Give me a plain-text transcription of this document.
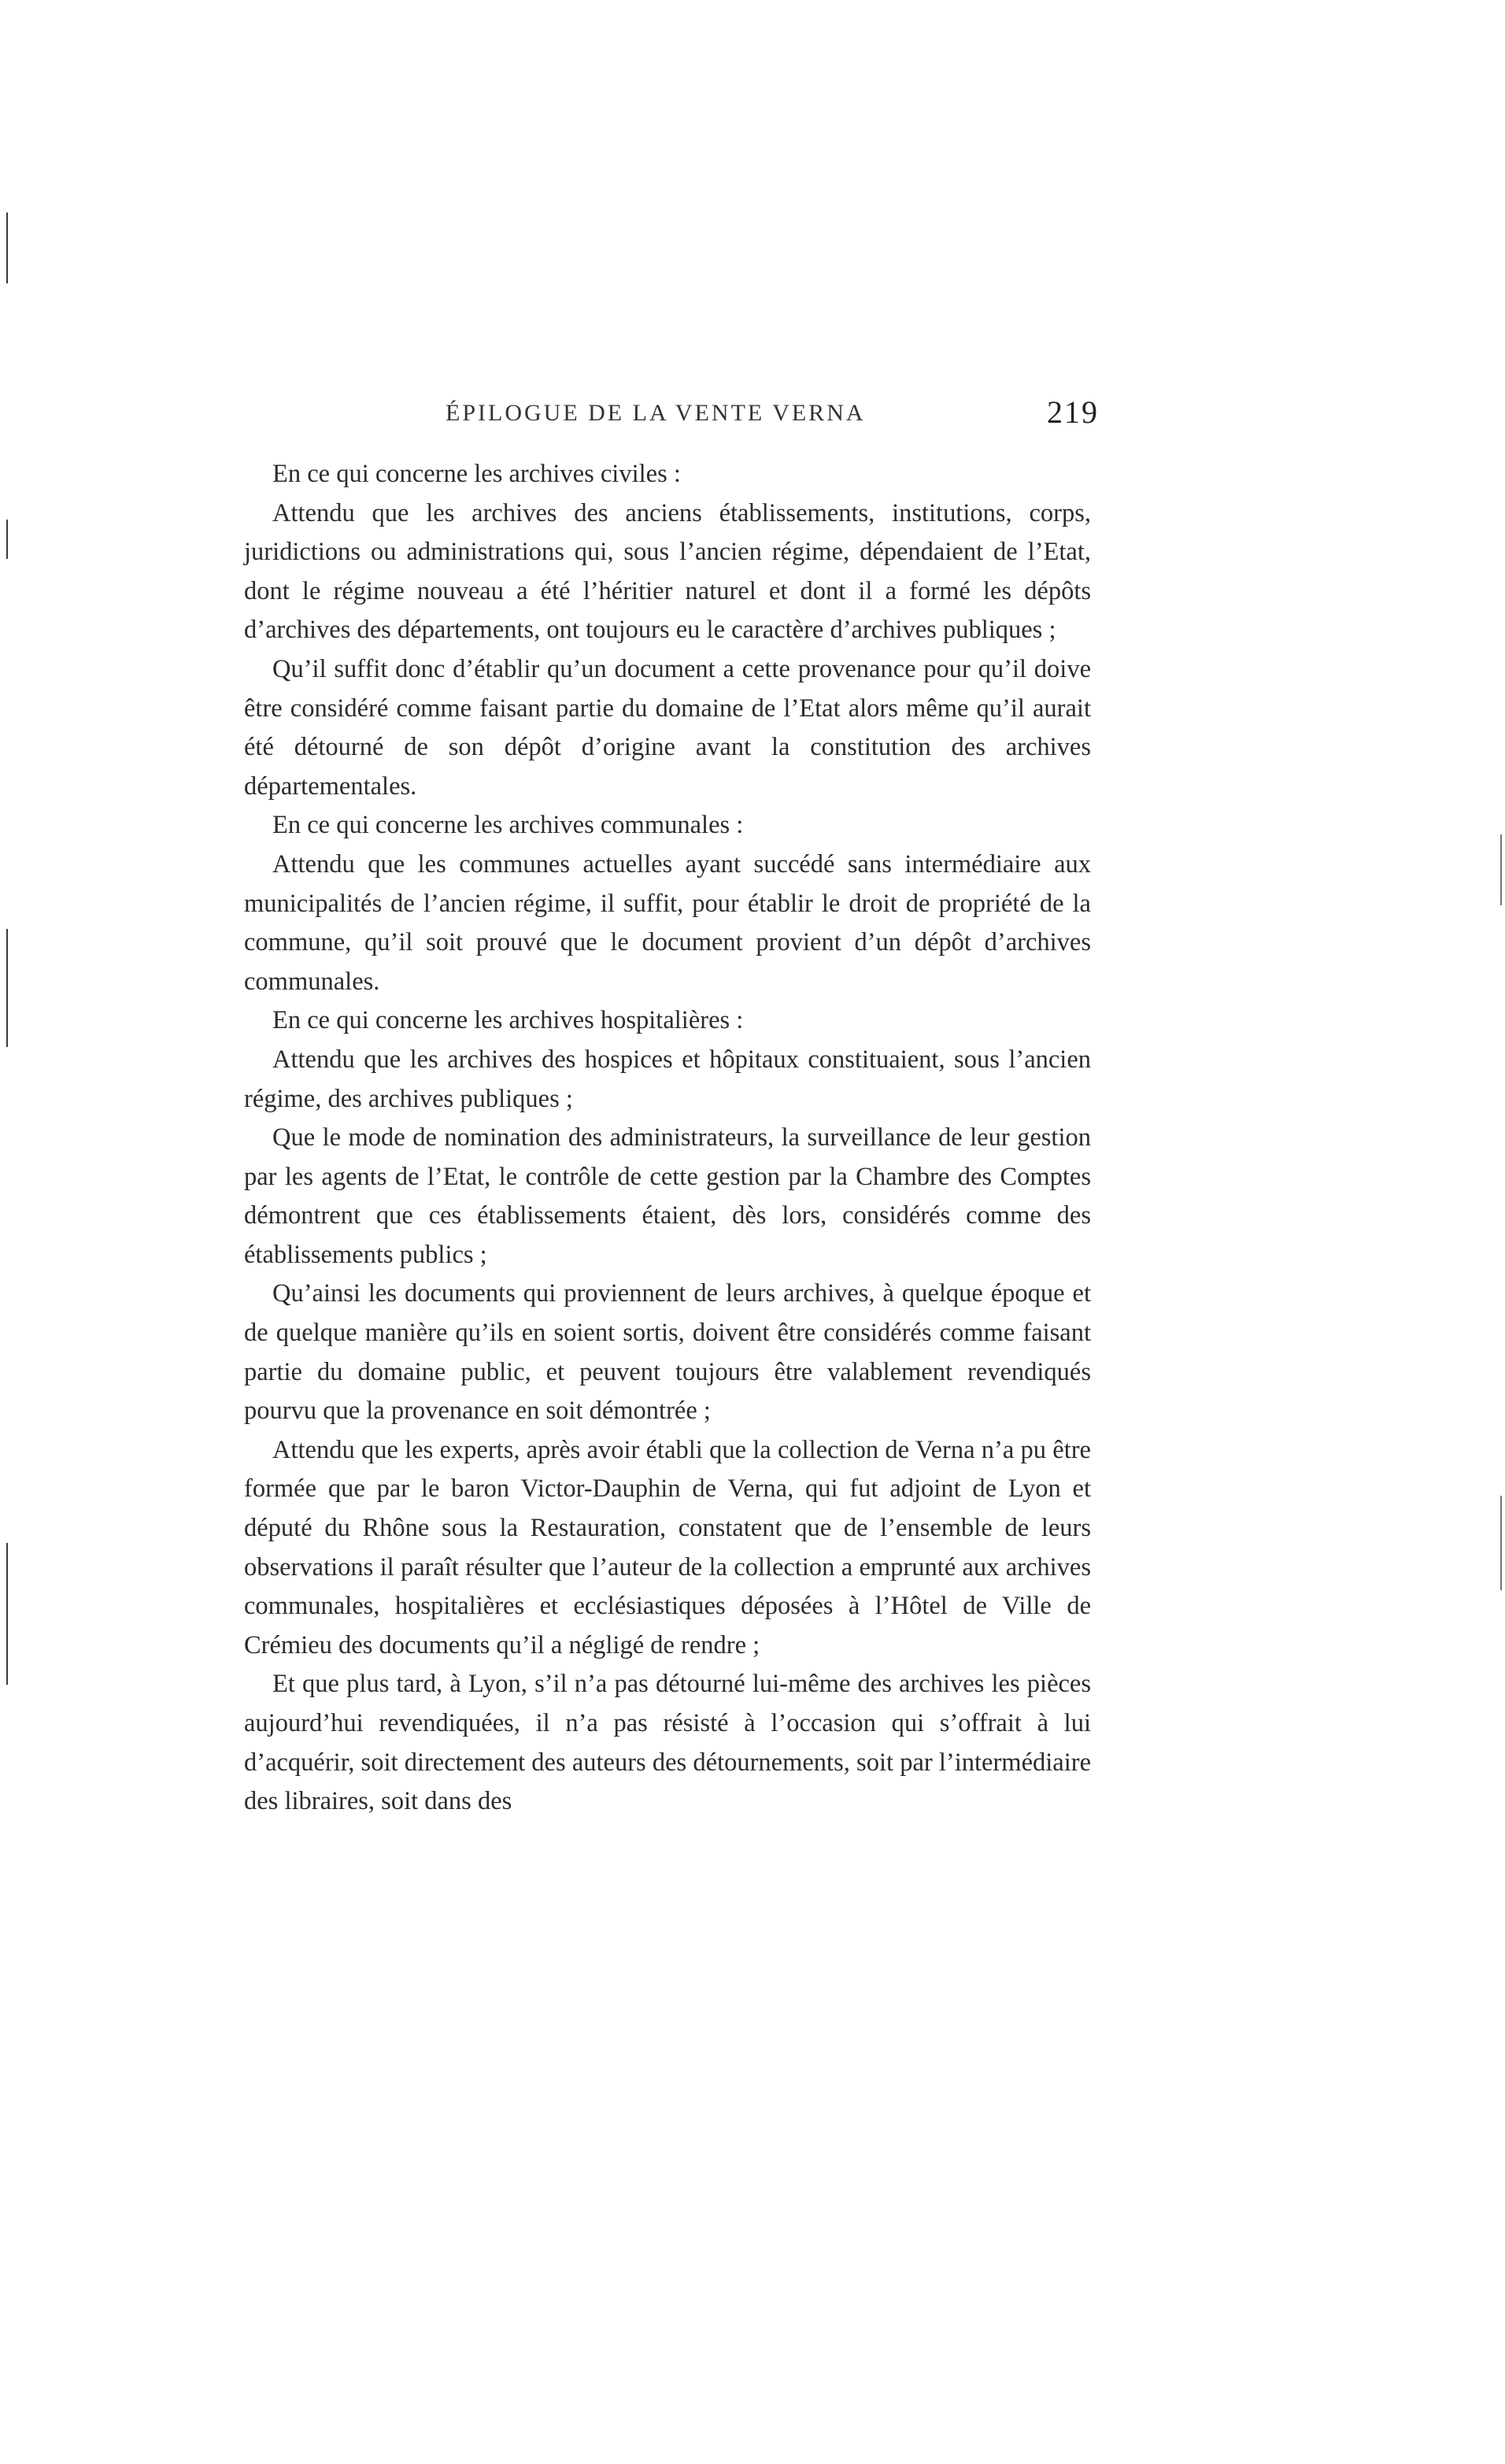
ÉPILOGUE DE LA VENTE VERNA	219

En ce qui concerne les archives civiles :

Attendu que les archives des anciens établissements, institutions, corps, juridictions ou administrations qui, sous l’ancien régime, dépendaient de l’Etat, dont le régime nouveau a été l’héritier naturel et dont il a formé les dépôts d’archives des départements, ont toujours eu le caractère d’archives publiques ;

Qu’il suffit donc d’établir qu’un document a cette provenance pour qu’il doive être considéré comme faisant partie du domaine de l’Etat alors même qu’il aurait été détourné de son dépôt d’origine avant la constitution des archives départementales.

En ce qui concerne les archives communales :

Attendu que les communes actuelles ayant succédé sans intermédiaire aux municipalités de l’ancien régime, il suffit, pour établir le droit de propriété de la commune, qu’il soit prouvé que le document provient d’un dépôt d’archives communales.

En ce qui concerne les archives hospitalières :

Attendu que les archives des hospices et hôpitaux constituaient, sous l’ancien régime, des archives publiques ;

Que le mode de nomination des administrateurs, la surveillance de leur gestion par les agents de l’Etat, le contrôle de cette gestion par la Chambre des Comptes démontrent que ces établissements étaient, dès lors, considérés comme des établissements publics ;

Qu’ainsi les documents qui proviennent de leurs archives, à quelque époque et de quelque manière qu’ils en soient sortis, doivent être considérés comme faisant partie du domaine public, et peuvent toujours être valablement revendiqués pourvu que la provenance en soit démontrée ;

Attendu que les experts, après avoir établi que la collection de Verna n’a pu être formée que par le baron Victor-Dauphin de Verna, qui fut adjoint de Lyon et député du Rhône sous la Restauration, constatent que de l’ensemble de leurs observations il paraît résulter que l’auteur de la collection a emprunté aux archives communales, hospitalières et ecclésiastiques déposées à l’Hôtel de Ville de Crémieu des documents qu’il a négligé de rendre ;

Et que plus tard, à Lyon, s’il n’a pas détourné lui-même des archives les pièces aujourd’hui revendiquées, il n’a pas résisté à l’occasion qui s’offrait à lui d’acquérir, soit directement des auteurs des détournements, soit par l’intermédiaire des libraires, soit dans des
